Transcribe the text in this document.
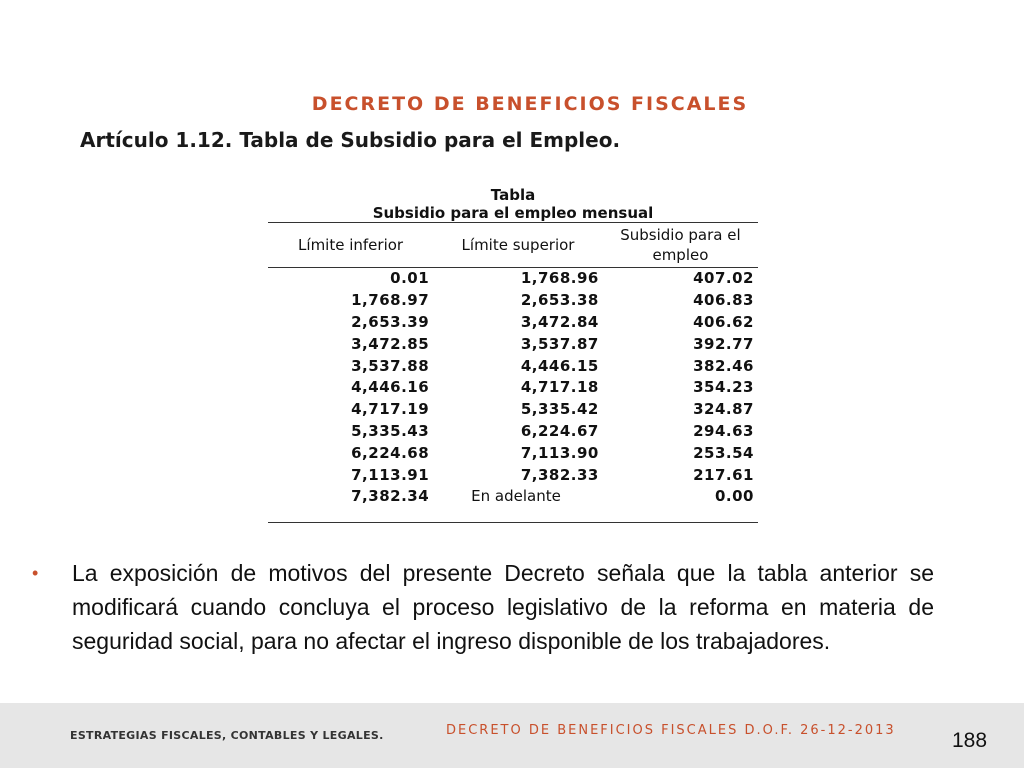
DECRETO DE BENEFICIOS FISCALES
Artículo 1.12. Tabla de Subsidio para el Empleo.
Tabla
Subsidio para el empleo mensual
Límite inferior	Límite superior	Subsidio para el empleo
0.01	1,768.96	407.02
1,768.97	2,653.38	406.83
2,653.39	3,472.84	406.62
3,472.85	3,537.87	392.77
3,537.88	4,446.15	382.46
4,446.16	4,717.18	354.23
4,717.19	5,335.42	324.87
5,335.43	6,224.67	294.63
6,224.68	7,113.90	253.54
7,113.91	7,382.33	217.61
7,382.34	En adelante	0.00
• La exposición de motivos del presente Decreto señala que la tabla anterior se modificará cuando concluya el proceso legislativo de la reforma en materia de seguridad social, para no afectar el ingreso disponible de los trabajadores.
ESTRATEGIAS FISCALES, CONTABLES Y LEGALES.	DECRETO DE BENEFICIOS FISCALES D.O.F. 26-12-2013	188
